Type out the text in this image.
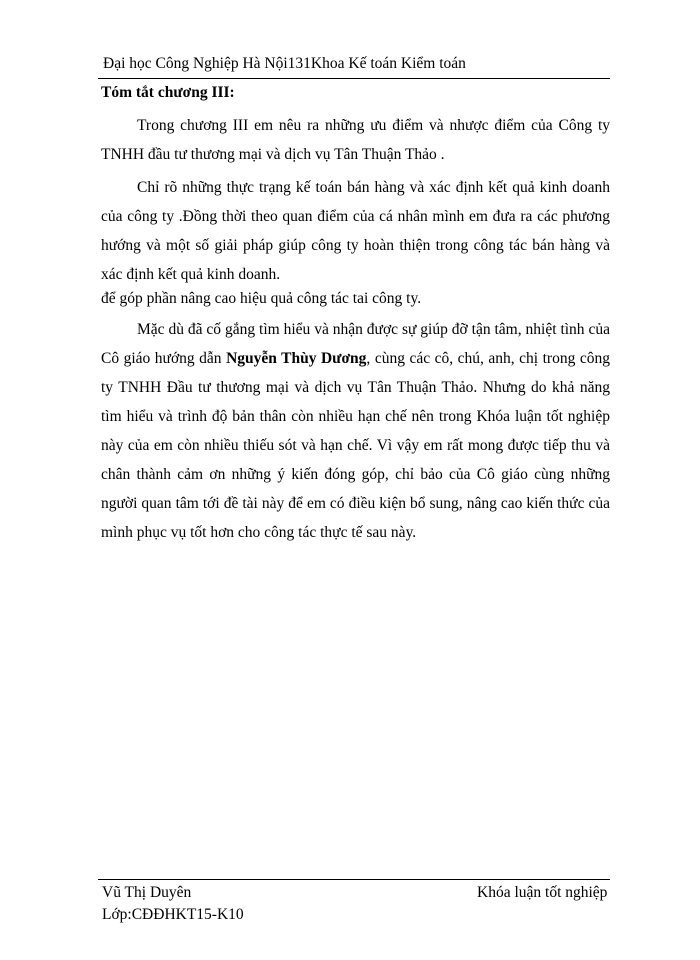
Đại học Công Nghiệp Hà Nội131Khoa Kế toán Kiểm toán
Tóm tắt chương III:

Trong chương III em nêu ra những ưu điểm và nhược điểm của Công ty TNHH đầu tư thương mại và dịch vụ Tân Thuận Thảo .

Chỉ rõ những thực trạng kế toán bán hàng và xác định kết quả kinh doanh của công ty .Đồng thời theo quan điểm của cá nhân mình em đưa ra các phương hướng và một số giải pháp giúp công ty hoàn thiện trong công tác bán hàng và xác định kết quả kinh doanh.

để góp phần nâng cao hiệu quả công tác tai công ty.

Mặc dù đã cố gắng tìm hiểu và nhận được sự giúp đỡ tận tâm, nhiệt tình của Cô giáo hướng dẫn Nguyễn Thùy Dương, cùng các cô, chú, anh, chị trong công ty TNHH Đầu tư thương mại và dịch vụ Tân Thuận Thảo. Nhưng do khả năng tìm hiểu và trình độ bản thân còn nhiều hạn chế nên trong Khóa luận tốt nghiệp này của em còn nhiều thiếu sót và hạn chế. Vì vậy em rất mong được tiếp thu và chân thành cảm ơn những ý kiến đóng góp, chỉ bảo của Cô giáo cùng những người quan tâm tới đề tài này để em có điều kiện bổ sung, nâng cao kiến thức của mình phục vụ tốt hơn cho công tác thực tế sau này.

Vũ Thị Duyên
Lớp:CĐĐHKT15-K10
Khóa luận tốt nghiệp
